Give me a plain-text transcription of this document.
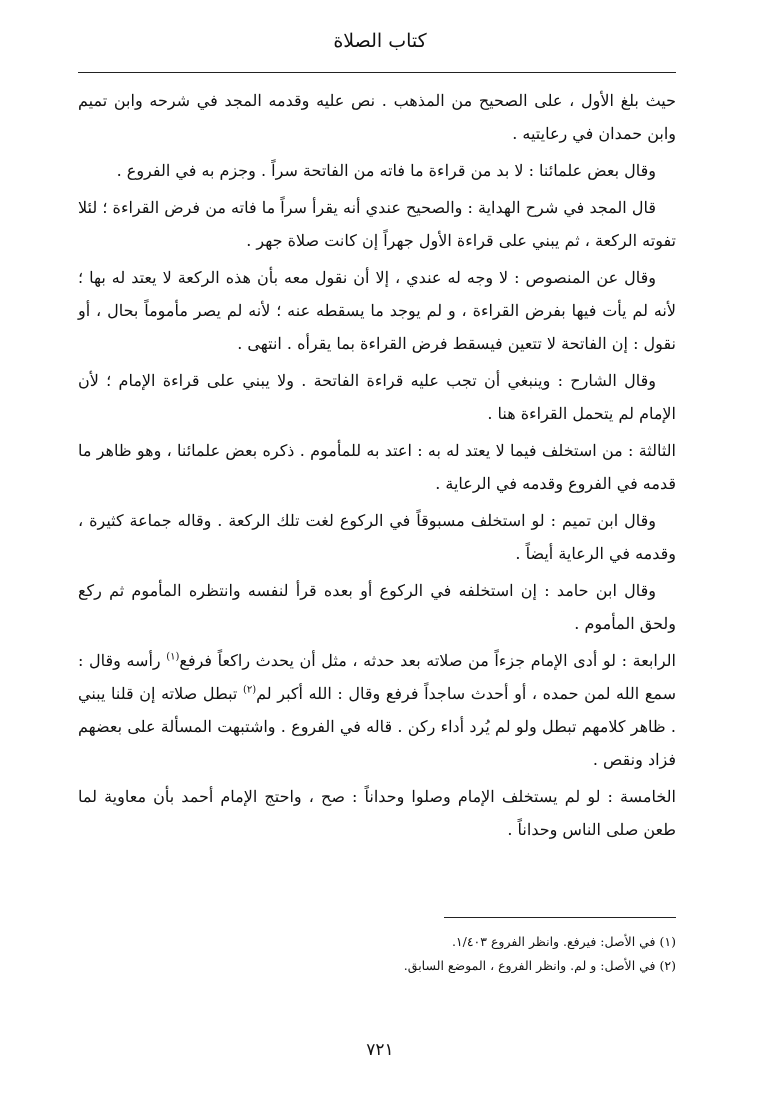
كتاب الصلاة

حيث بلغ الأول ، على الصحيح من المذهب . نص عليه وقدمه المجد في شرحه وابن تميم وابن حمدان في رعايتيه .

وقال بعض علمائنا : لا بد من قراءة ما فاته من الفاتحة سراً . وجزم به في الفروع .

قال المجد في شرح الهداية : والصحيح عندي أنه يقرأ سراً ما فاته من فرض القراءة ؛ لئلا تفوته الركعة ، ثم يبني على قراءة الأول جهراً إن كانت صلاة جهر .

وقال عن المنصوص : لا وجه له عندي ، إلا أن نقول معه بأن هذه الركعة لا يعتد له بها ؛ لأنه لم يأت فيها بفرض القراءة ، و لم يوجد ما يسقطه عنه ؛ لأنه لم يصر مأموماً بحال ، أو نقول : إن الفاتحة لا تتعين فيسقط فرض القراءة بما يقرأه . انتهى .

وقال الشارح : وينبغي أن تجب عليه قراءة الفاتحة . ولا يبني على قراءة الإمام ؛ لأن الإمام لم يتحمل القراءة هنا .

الثالثة : من استخلف فيما لا يعتد له به : اعتد به للمأموم . ذكره بعض علمائنا ، وهو ظاهر ما قدمه في الفروع وقدمه في الرعاية .

وقال ابن تميم : لو استخلف مسبوقاً في الركوع لغت تلك الركعة . وقاله جماعة كثيرة ، وقدمه في الرعاية أيضاً .

وقال ابن حامد : إن استخلفه في الركوع أو بعده قرأ لنفسه وانتظره المأموم ثم ركع ولحق المأموم .

الرابعة : لو أدى الإمام جزءاً من صلاته بعد حدثه ، مثل أن يحدث راكعاً فرفع$^{(١)}$ رأسه وقال : سمع الله لمن حمده ، أو أحدث ساجداً فرفع وقال : الله أكبر لم$^{(٢)}$ تبطل صلاته إن قلنا يبني . ظاهر كلامهم تبطل ولو لم يُرد أداء ركن . قاله في الفروع . واشتبهت المسألة على بعضهم فزاد ونقص .

الخامسة : لو لم يستخلف الإمام وصلوا وحداناً : صح ، واحتج الإمام أحمد بأن معاوية لما طعن صلى الناس وحداناً .

(١) في الأصل: فيرفع. وانظر الفروع ١/٤٠٣.

(٢) في الأصل: و لم. وانظر الفروع ، الموضع السابق.

٧٢١
